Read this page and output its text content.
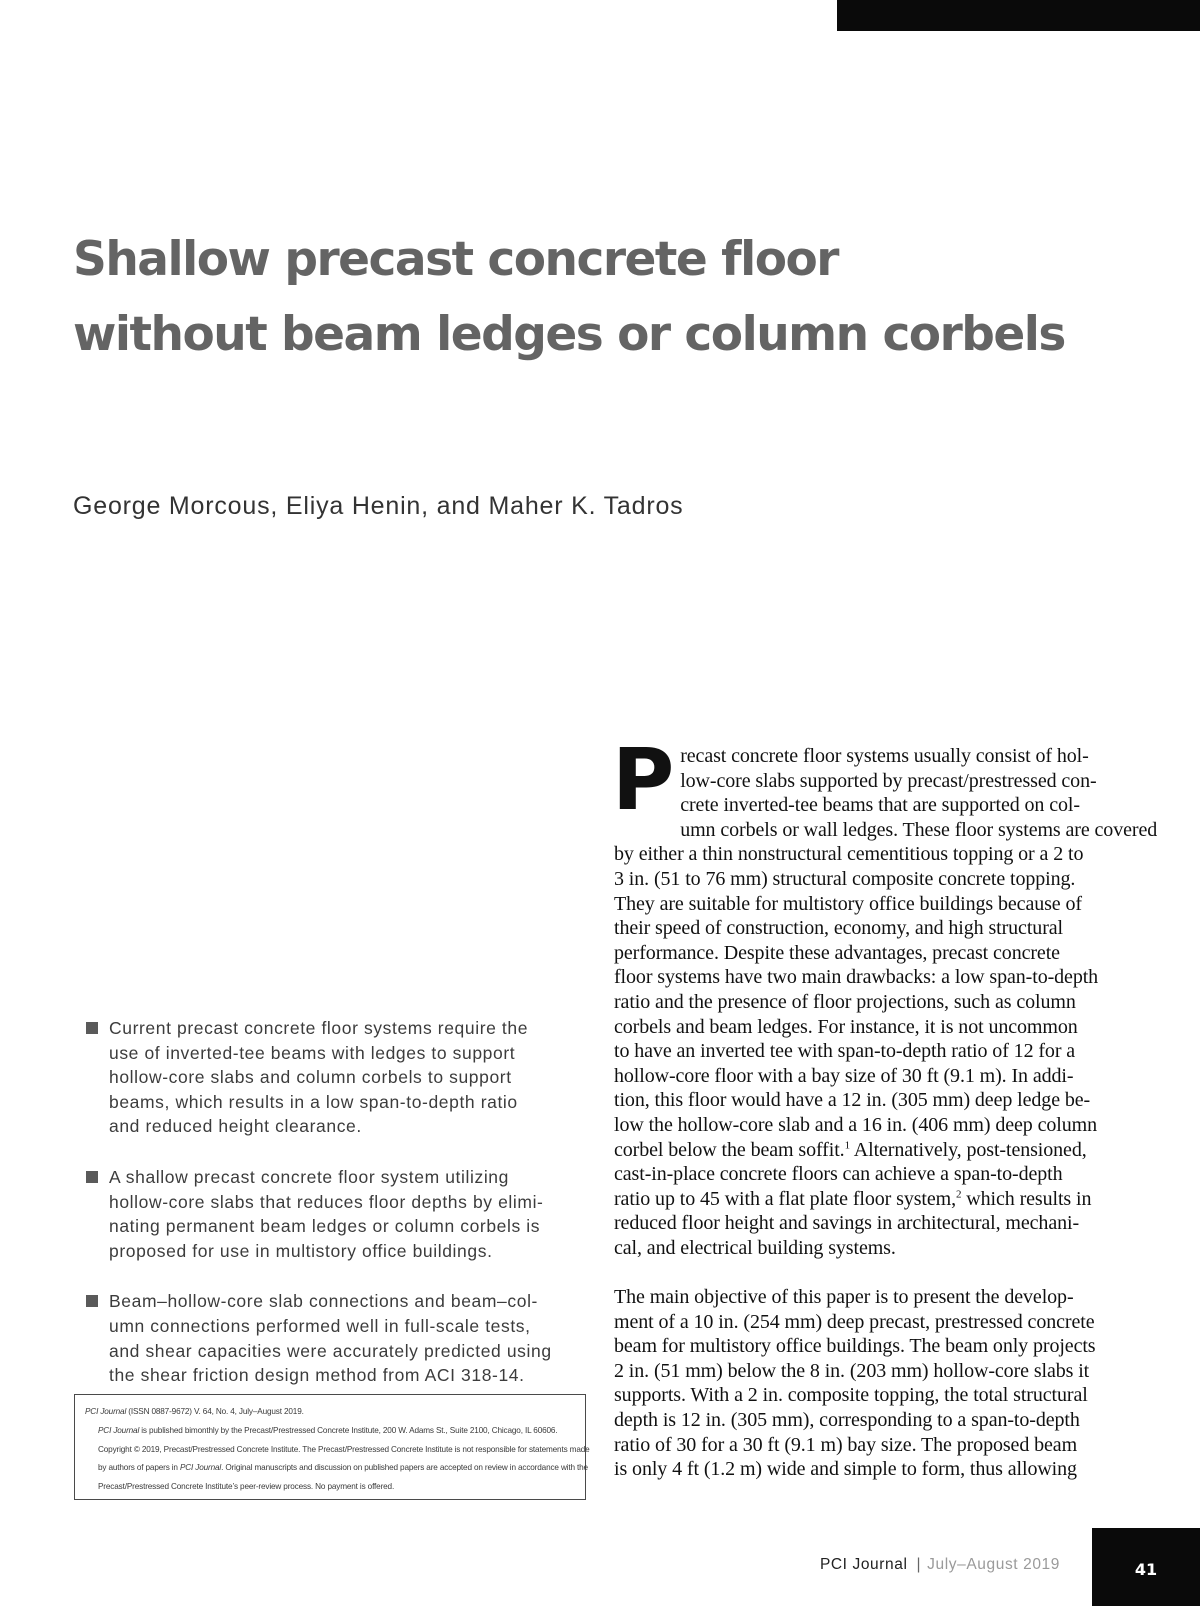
Shallow precast concrete floor
without beam ledges or column corbels
George Morcous, Eliya Henin, and Maher K. Tadros
Current precast concrete floor systems require the
use of inverted-tee beams with ledges to support
hollow-core slabs and column corbels to support
beams, which results in a low span-to-depth ratio
and reduced height clearance.
A shallow precast concrete floor system utilizing
hollow-core slabs that reduces floor depths by elimi-
nating permanent beam ledges or column corbels is
proposed for use in multistory office buildings.
Beam–hollow-core slab connections and beam–col-
umn connections performed well in full-scale tests,
and shear capacities were accurately predicted using
the shear friction design method from ACI 318-14.

PCI Journal (ISSN 0887-9672) V. 64, No. 4, July–August 2019.

PCI Journal is published bimonthly by the Precast/Prestressed Concrete Institute, 200 W. Adams St., Suite 2100, Chicago, IL 60606.

Copyright © 2019, Precast/Prestressed Concrete Institute. The Precast/Prestressed Concrete Institute is not responsible for statements made

by authors of papers in PCI Journal. Original manuscripts and discussion on published papers are accepted on review in accordance with the

Precast/Prestressed Concrete Institute’s peer-review process. No payment is offered.

P recast concrete floor systems usually consist of hol-
low-core slabs supported by precast/prestressed con-
crete inverted-tee beams that are supported on col-
umn corbels or wall ledges. These floor systems are covered
by either a thin nonstructural cementitious topping or a 2 to
3 in. (51 to 76 mm) structural composite concrete topping.
They are suitable for multistory office buildings because of
their speed of construction, economy, and high structural
performance. Despite these advantages, precast concrete
floor systems have two main drawbacks: a low span-to-depth
ratio and the presence of floor projections, such as column
corbels and beam ledges. For instance, it is not uncommon
to have an inverted tee with span-to-depth ratio of 12 for a
hollow-core floor with a bay size of 30 ft (9.1 m). In addi-
tion, this floor would have a 12 in. (305 mm) deep ledge be-
low the hollow-core slab and a 16 in. (406 mm) deep column
corbel below the beam soffit.$^1$ Alternatively, post-tensioned,
cast-in-place concrete floors can achieve a span-to-depth
ratio up to 45 with a flat plate floor system,$^2$ which results in
reduced floor height and savings in architectural, mechani-
cal, and electrical building systems.

The main objective of this paper is to present the develop-
ment of a 10 in. (254 mm) deep precast, prestressed concrete
beam for multistory office buildings. The beam only projects
2 in. (51 mm) below the 8 in. (203 mm) hollow-core slabs it
supports. With a 2 in. composite topping, the total structural
depth is 12 in. (305 mm), corresponding to a span-to-depth
ratio of 30 for a 30 ft (9.1 m) bay size. The proposed beam
is only 4 ft (1.2 m) wide and simple to form, thus allowing

PCI Journal | July–August 2019	41
